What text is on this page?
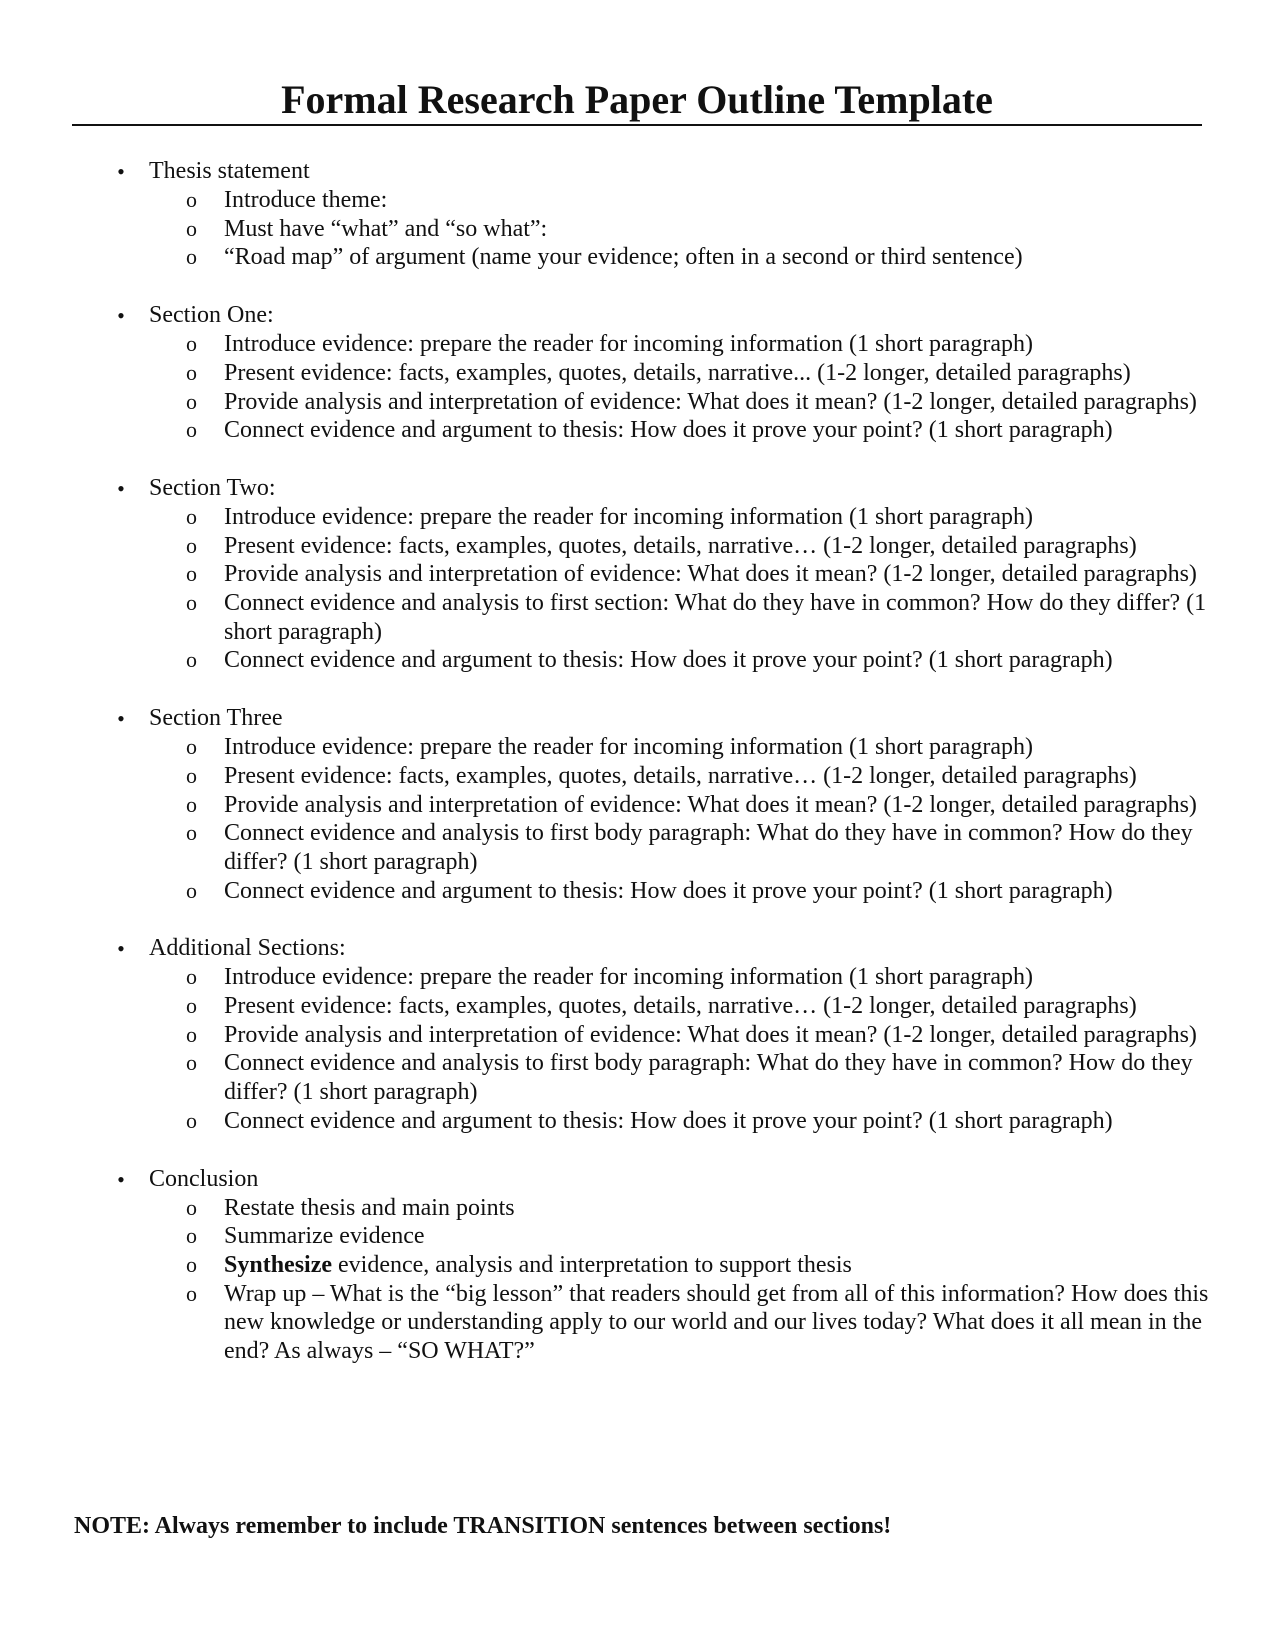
Formal Research Paper Outline Template
• Thesis statement
o Introduce theme:
o Must have “what” and “so what”:
o “Road map” of argument (name your evidence; often in a second or third sentence)
• Section One:
o Introduce evidence: prepare the reader for incoming information (1 short paragraph)
o Present evidence: facts, examples, quotes, details, narrative... (1-2 longer, detailed paragraphs)
o Provide analysis and interpretation of evidence: What does it mean? (1-2 longer, detailed paragraphs)
o Connect evidence and argument to thesis: How does it prove your point? (1 short paragraph)
• Section Two:
o Introduce evidence: prepare the reader for incoming information (1 short paragraph)
o Present evidence: facts, examples, quotes, details, narrative… (1-2 longer, detailed paragraphs)
o Provide analysis and interpretation of evidence: What does it mean? (1-2 longer, detailed paragraphs)
o Connect evidence and analysis to first section: What do they have in common? How do they differ? (1 short paragraph)
o Connect evidence and argument to thesis: How does it prove your point? (1 short paragraph)
• Section Three
o Introduce evidence: prepare the reader for incoming information (1 short paragraph)
o Present evidence: facts, examples, quotes, details, narrative… (1-2 longer, detailed paragraphs)
o Provide analysis and interpretation of evidence: What does it mean? (1-2 longer, detailed paragraphs)
o Connect evidence and analysis to first body paragraph: What do they have in common? How do they differ? (1 short paragraph)
o Connect evidence and argument to thesis: How does it prove your point? (1 short paragraph)
• Additional Sections:
o Introduce evidence: prepare the reader for incoming information (1 short paragraph)
o Present evidence: facts, examples, quotes, details, narrative… (1-2 longer, detailed paragraphs)
o Provide analysis and interpretation of evidence: What does it mean? (1-2 longer, detailed paragraphs)
o Connect evidence and analysis to first body paragraph: What do they have in common? How do they differ? (1 short paragraph)
o Connect evidence and argument to thesis: How does it prove your point? (1 short paragraph)
• Conclusion
o Restate thesis and main points
o Summarize evidence
o Synthesize evidence, analysis and interpretation to support thesis
o Wrap up – What is the “big lesson” that readers should get from all of this information? How does this new knowledge or understanding apply to our world and our lives today? What does it all mean in the end? As always – “SO WHAT?”

NOTE: Always remember to include TRANSITION sentences between sections!
